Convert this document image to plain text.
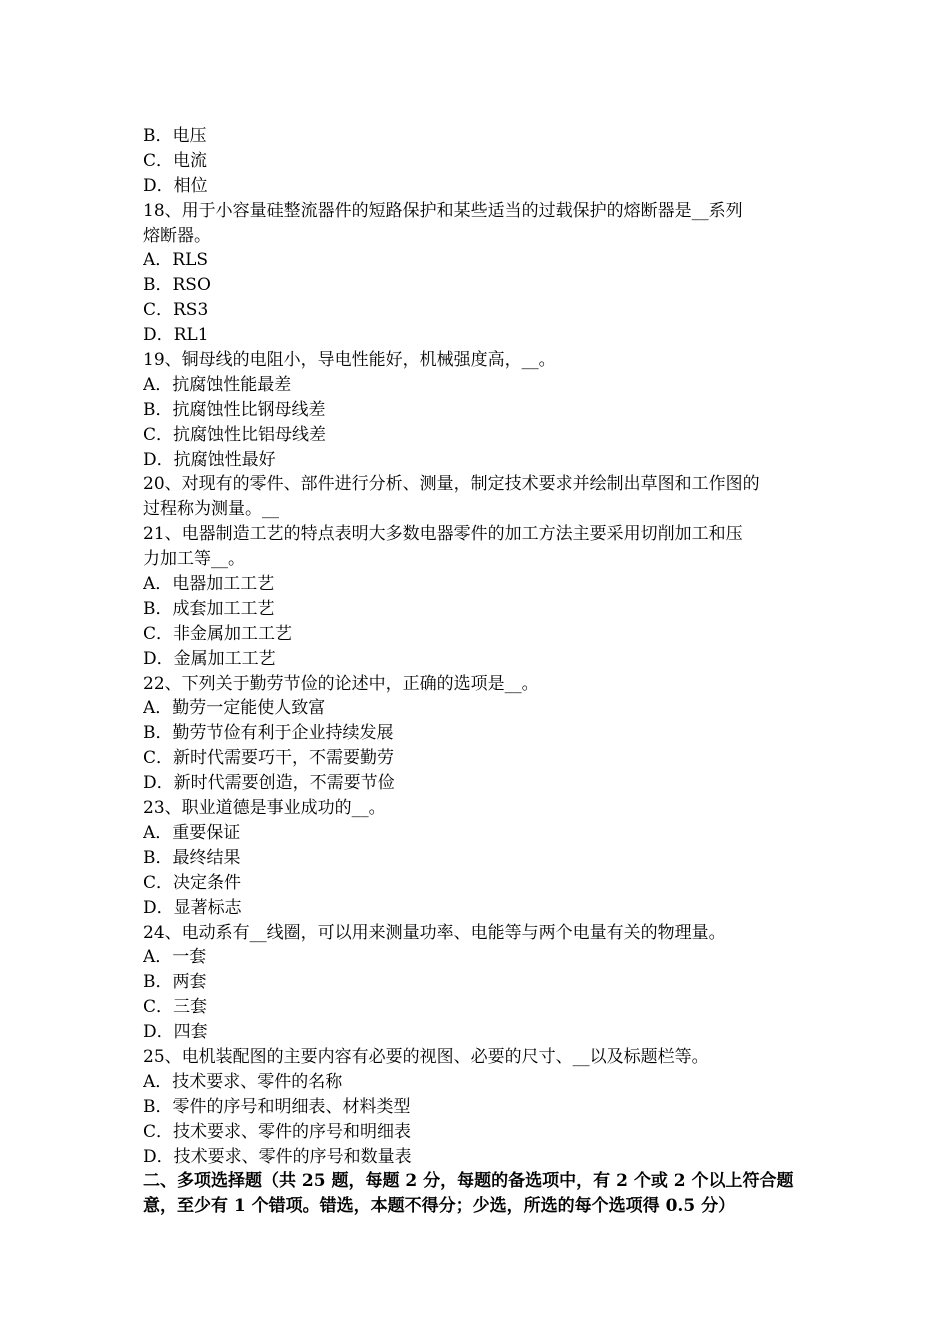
B．电压
C．电流
D．相位
18、用于小容量硅整流器件的短路保护和某些适当的过载保护的熔断器是__系列
熔断器。
A．RLS
B．RSO
C．RS3
D．RL1
19、铜母线的电阻小，导电性能好，机械强度高，__。
A．抗腐蚀性能最差
B．抗腐蚀性比钢母线差
C．抗腐蚀性比铝母线差
D．抗腐蚀性最好
20、对现有的零件、部件进行分析、测量，制定技术要求并绘制出草图和工作图的
过程称为测量。__
21、电器制造工艺的特点表明大多数电器零件的加工方法主要采用切削加工和压
力加工等__。
A．电器加工工艺
B．成套加工工艺
C．非金属加工工艺
D．金属加工工艺
22、下列关于勤劳节俭的论述中，正确的选项是__。
A．勤劳一定能使人致富
B．勤劳节俭有利于企业持续发展
C．新时代需要巧干，不需要勤劳
D．新时代需要创造，不需要节俭
23、职业道德是事业成功的__。
A．重要保证
B．最终结果
C．决定条件
D．显著标志
24、电动系有__线圈，可以用来测量功率、电能等与两个电量有关的物理量。
A．一套
B．两套
C．三套
D．四套
25、电机装配图的主要内容有必要的视图、必要的尺寸、__以及标题栏等。
A．技术要求、零件的名称
B．零件的序号和明细表、材料类型
C．技术要求、零件的序号和明细表
D．技术要求、零件的序号和数量表
二、多项选择题（共 25 题，每题 2 分，每题的备选项中，有 2 个或 2 个以上符合题意，至少有 1 个错项。错选，本题不得分；少选，所选的每个选项得 0.5 分）
